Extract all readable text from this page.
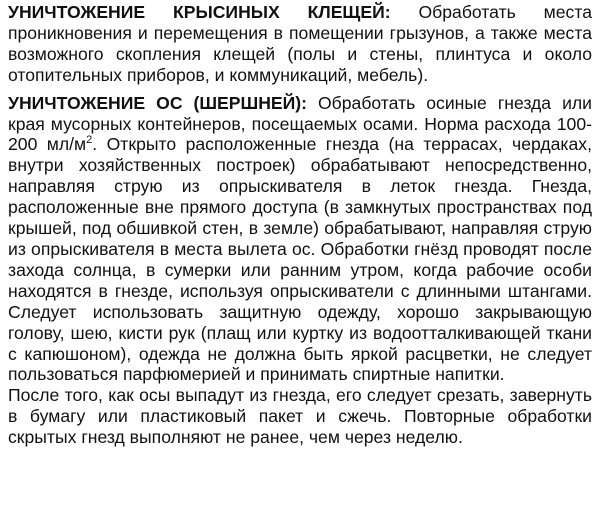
УНИЧТОЖЕНИЕ КРЫСИНЫХ КЛЕЩЕЙ: Обработать места проникновения и перемещения в помещении грызунов, а также места возможного скопления клещей (полы и стены, плинтуса и около отопительных приборов, и коммуникаций, мебель).

УНИЧТОЖЕНИЕ ОС (ШЕРШНЕЙ): Обработать осиные гнезда или края мусорных контейнеров, посещаемых осами. Норма расхода 100-200 $мл/м^2$. Открыто расположенные гнезда (на террасах, чердаках, внутри хозяйственных построек) обрабатывают непосредственно, направляя струю из опрыскивателя в леток гнезда. Гнезда, расположенные вне прямого доступа (в замкнутых пространствах под крышей, под обшивкой стен, в земле) обрабатывают, направляя струю из опрыскивателя в места вылета ос. Обработки гнёзд проводят после захода солнца, в сумерки или ранним утром, когда рабочие особи находятся в гнезде, используя опрыскиватели с длинными штангами. Следует использовать защитную одежду, хорошо закрывающую голову, шею, кисти рук (плащ или куртку из водоотталкивающей ткани с капюшоном), одежда не должна быть яркой расцветки, не следует пользоваться парфюмерией и принимать спиртные напитки.

После того, как осы выпадут из гнезда, его следует срезать, завернуть в бумагу или пластиковый пакет и сжечь. Повторные обработки скрытых гнезд выполняют не ранее, чем через неделю.
